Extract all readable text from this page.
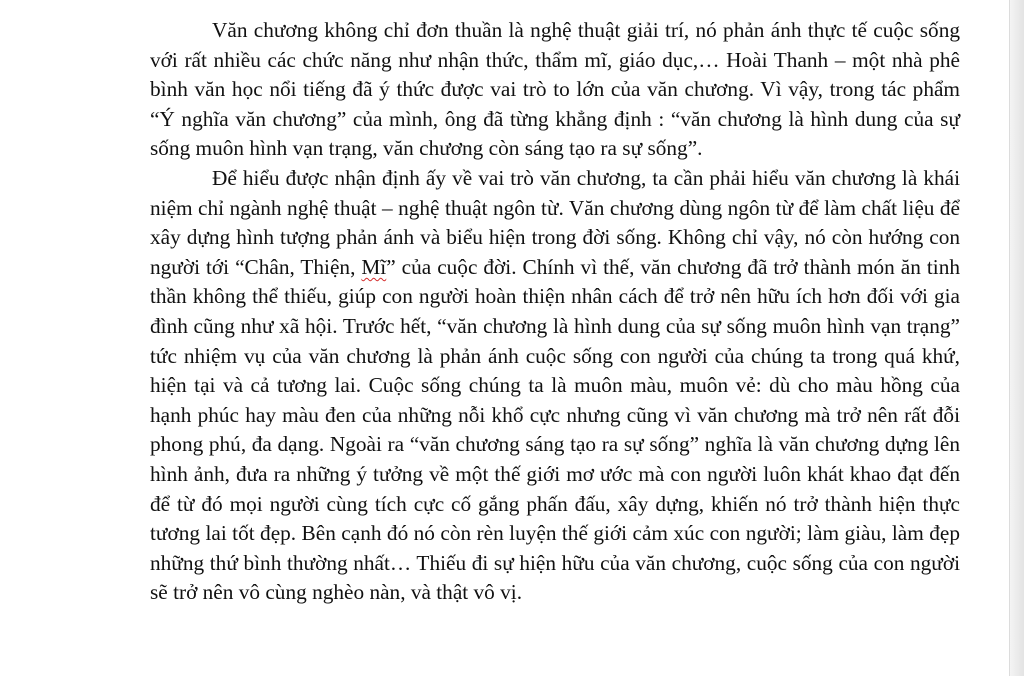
Văn chương không chỉ đơn thuần là nghệ thuật giải trí, nó phản ánh thực tế cuộc sống với rất nhiều các chức năng như nhận thức, thẩm mĩ, giáo dục,… Hoài Thanh – một nhà phê bình văn học nổi tiếng đã ý thức được vai trò to lớn của văn chương. Vì vậy, trong tác phẩm “Ý nghĩa văn chương” của mình, ông đã từng khẳng định : “văn chương là hình dung của sự sống muôn hình vạn trạng, văn chương còn sáng tạo ra sự sống”.

Để hiểu được nhận định ấy về vai trò văn chương, ta cần phải hiểu văn chương là khái niệm chỉ ngành nghệ thuật – nghệ thuật ngôn từ. Văn chương dùng ngôn từ để làm chất liệu để xây dựng hình tượng phản ánh và biểu hiện trong đời sống. Không chỉ vậy, nó còn hướng con người tới “Chân, Thiện, Mĩ” của cuộc đời. Chính vì thế, văn chương đã trở thành món ăn tinh thần không thể thiếu, giúp con người hoàn thiện nhân cách để trở nên hữu ích hơn đối với gia đình cũng như xã hội. Trước hết, “văn chương là hình dung của sự sống muôn hình vạn trạng” tức nhiệm vụ của văn chương là phản ánh cuộc sống con người của chúng ta trong quá khứ, hiện tại và cả tương lai. Cuộc sống chúng ta là muôn màu, muôn vẻ: dù cho màu hồng của hạnh phúc hay màu đen của những nỗi khổ cực nhưng cũng vì văn chương mà trở nên rất đỗi phong phú, đa dạng. Ngoài ra “văn chương sáng tạo ra sự sống” nghĩa là văn chương dựng lên hình ảnh, đưa ra những ý tưởng về một thế giới mơ ước mà con người luôn khát khao đạt đến để từ đó mọi người cùng tích cực cố gắng phấn đấu, xây dựng, khiến nó trở thành hiện thực tương lai tốt đẹp. Bên cạnh đó nó còn rèn luyện thế giới cảm xúc con người; làm giàu, làm đẹp những thứ bình thường nhất… Thiếu đi sự hiện hữu của văn chương, cuộc sống của con người sẽ trở nên vô cùng nghèo nàn, và thật vô vị.
